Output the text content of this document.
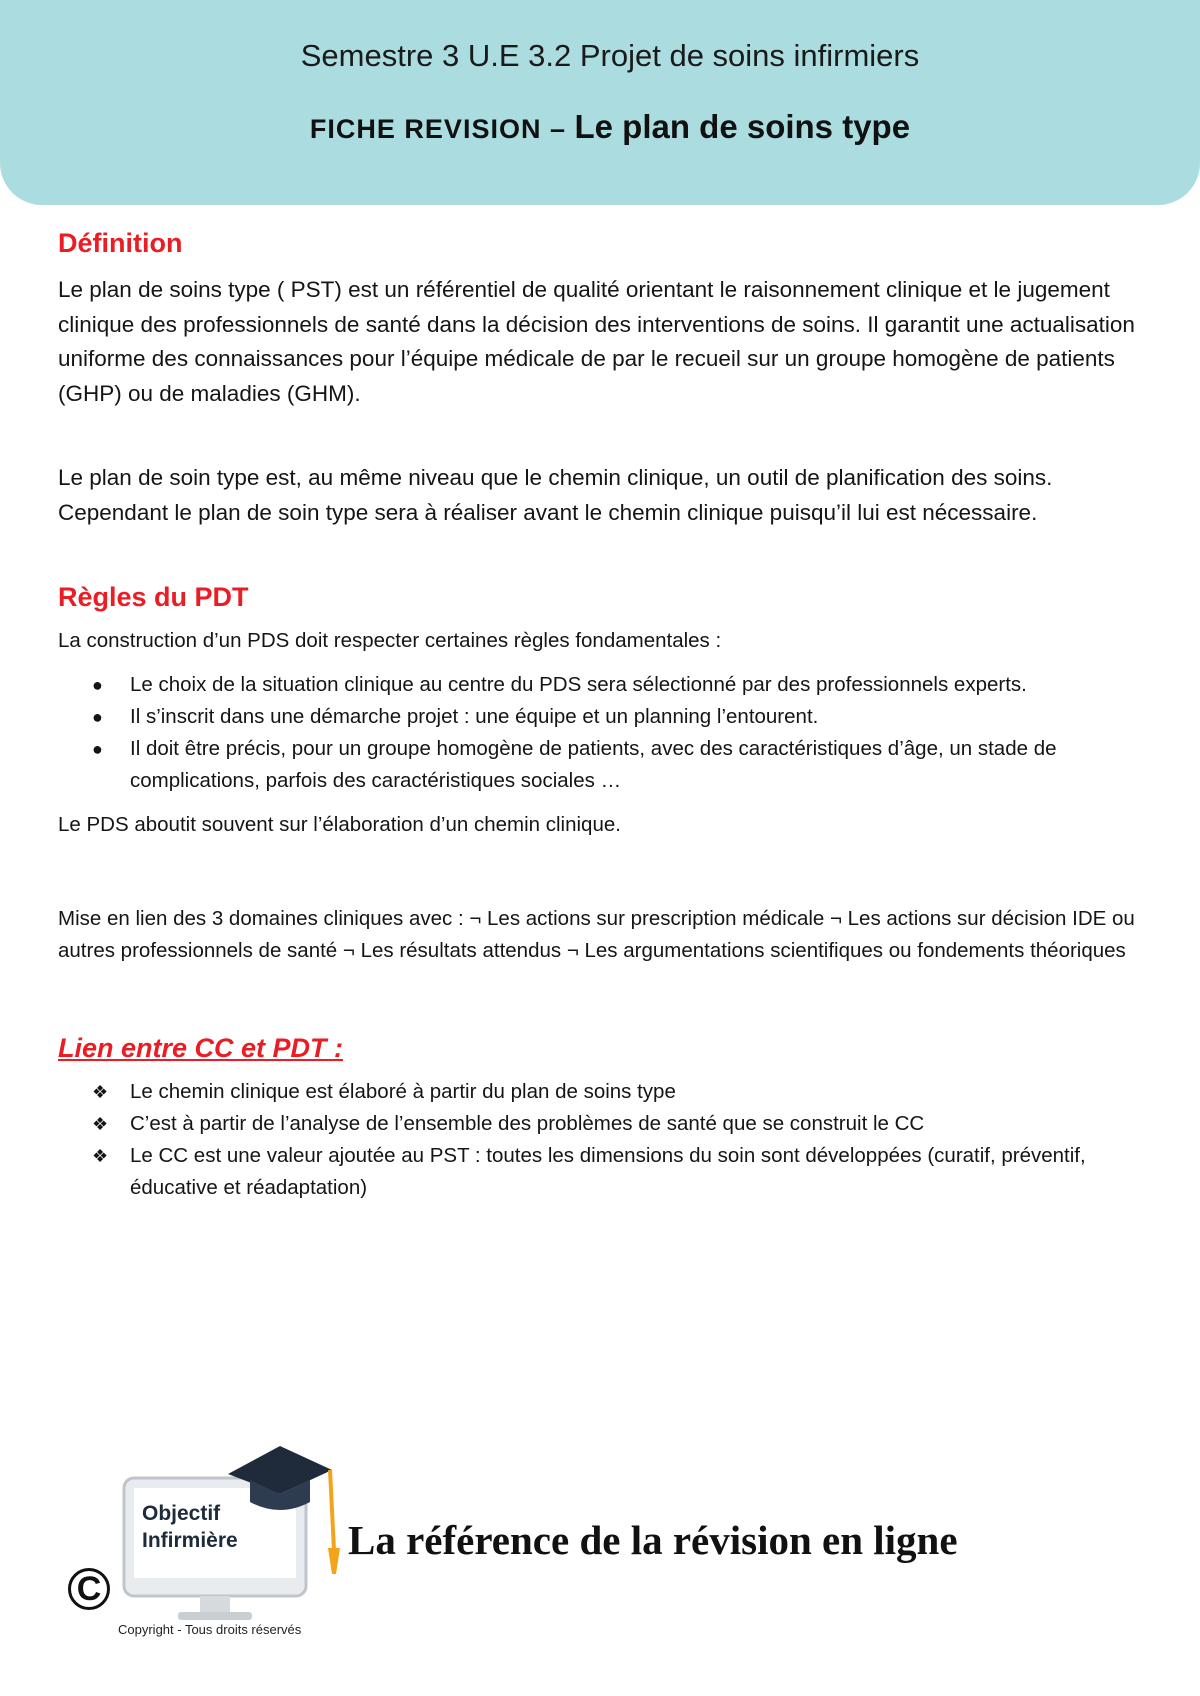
Semestre 3 U.E 3.2 Projet de soins infirmiers
FICHE REVISION – Le plan de soins type
Définition

Le plan de soins type ( PST) est un référentiel de qualité orientant le raisonnement clinique et le jugement clinique des professionnels de santé dans la décision des interventions de soins. Il garantit une actualisation uniforme des connaissances pour l’équipe médicale de par le recueil sur un groupe homogène de patients (GHP) ou de maladies (GHM).

Le plan de soin type est, au même niveau que le chemin clinique, un outil de planification des soins. Cependant le plan de soin type sera à réaliser avant le chemin clinique puisqu’il lui est nécessaire.

Règles du PDT

La construction d’un PDS doit respecter certaines règles fondamentales :

● Le choix de la situation clinique au centre du PDS sera sélectionné par des professionnels experts.
● Il s’inscrit dans une démarche projet : une équipe et un planning l’entourent.
● Il doit être précis, pour un groupe homogène de patients, avec des caractéristiques d’âge, un stade de complications, parfois des caractéristiques sociales …

Le PDS aboutit souvent sur l’élaboration d’un chemin clinique.

Mise en lien des 3 domaines cliniques avec : ¬ Les actions sur prescription médicale ¬ Les actions sur décision IDE ou autres professionnels de santé ¬ Les résultats attendus ¬ Les argumentations scientifiques ou fondements théoriques

Lien entre CC et PDT :
❖ Le chemin clinique est élaboré à partir du plan de soins type
❖ C’est à partir de l’analyse de l’ensemble des problèmes de santé que se construit le CC
❖ Le CC est une valeur ajoutée au PST : toutes les dimensions du soin sont développées (curatif, préventif, éducative et réadaptation)
Objectif
Infirmière
C
Copyright - Tous droits réservés
La référence de la révision en ligne
